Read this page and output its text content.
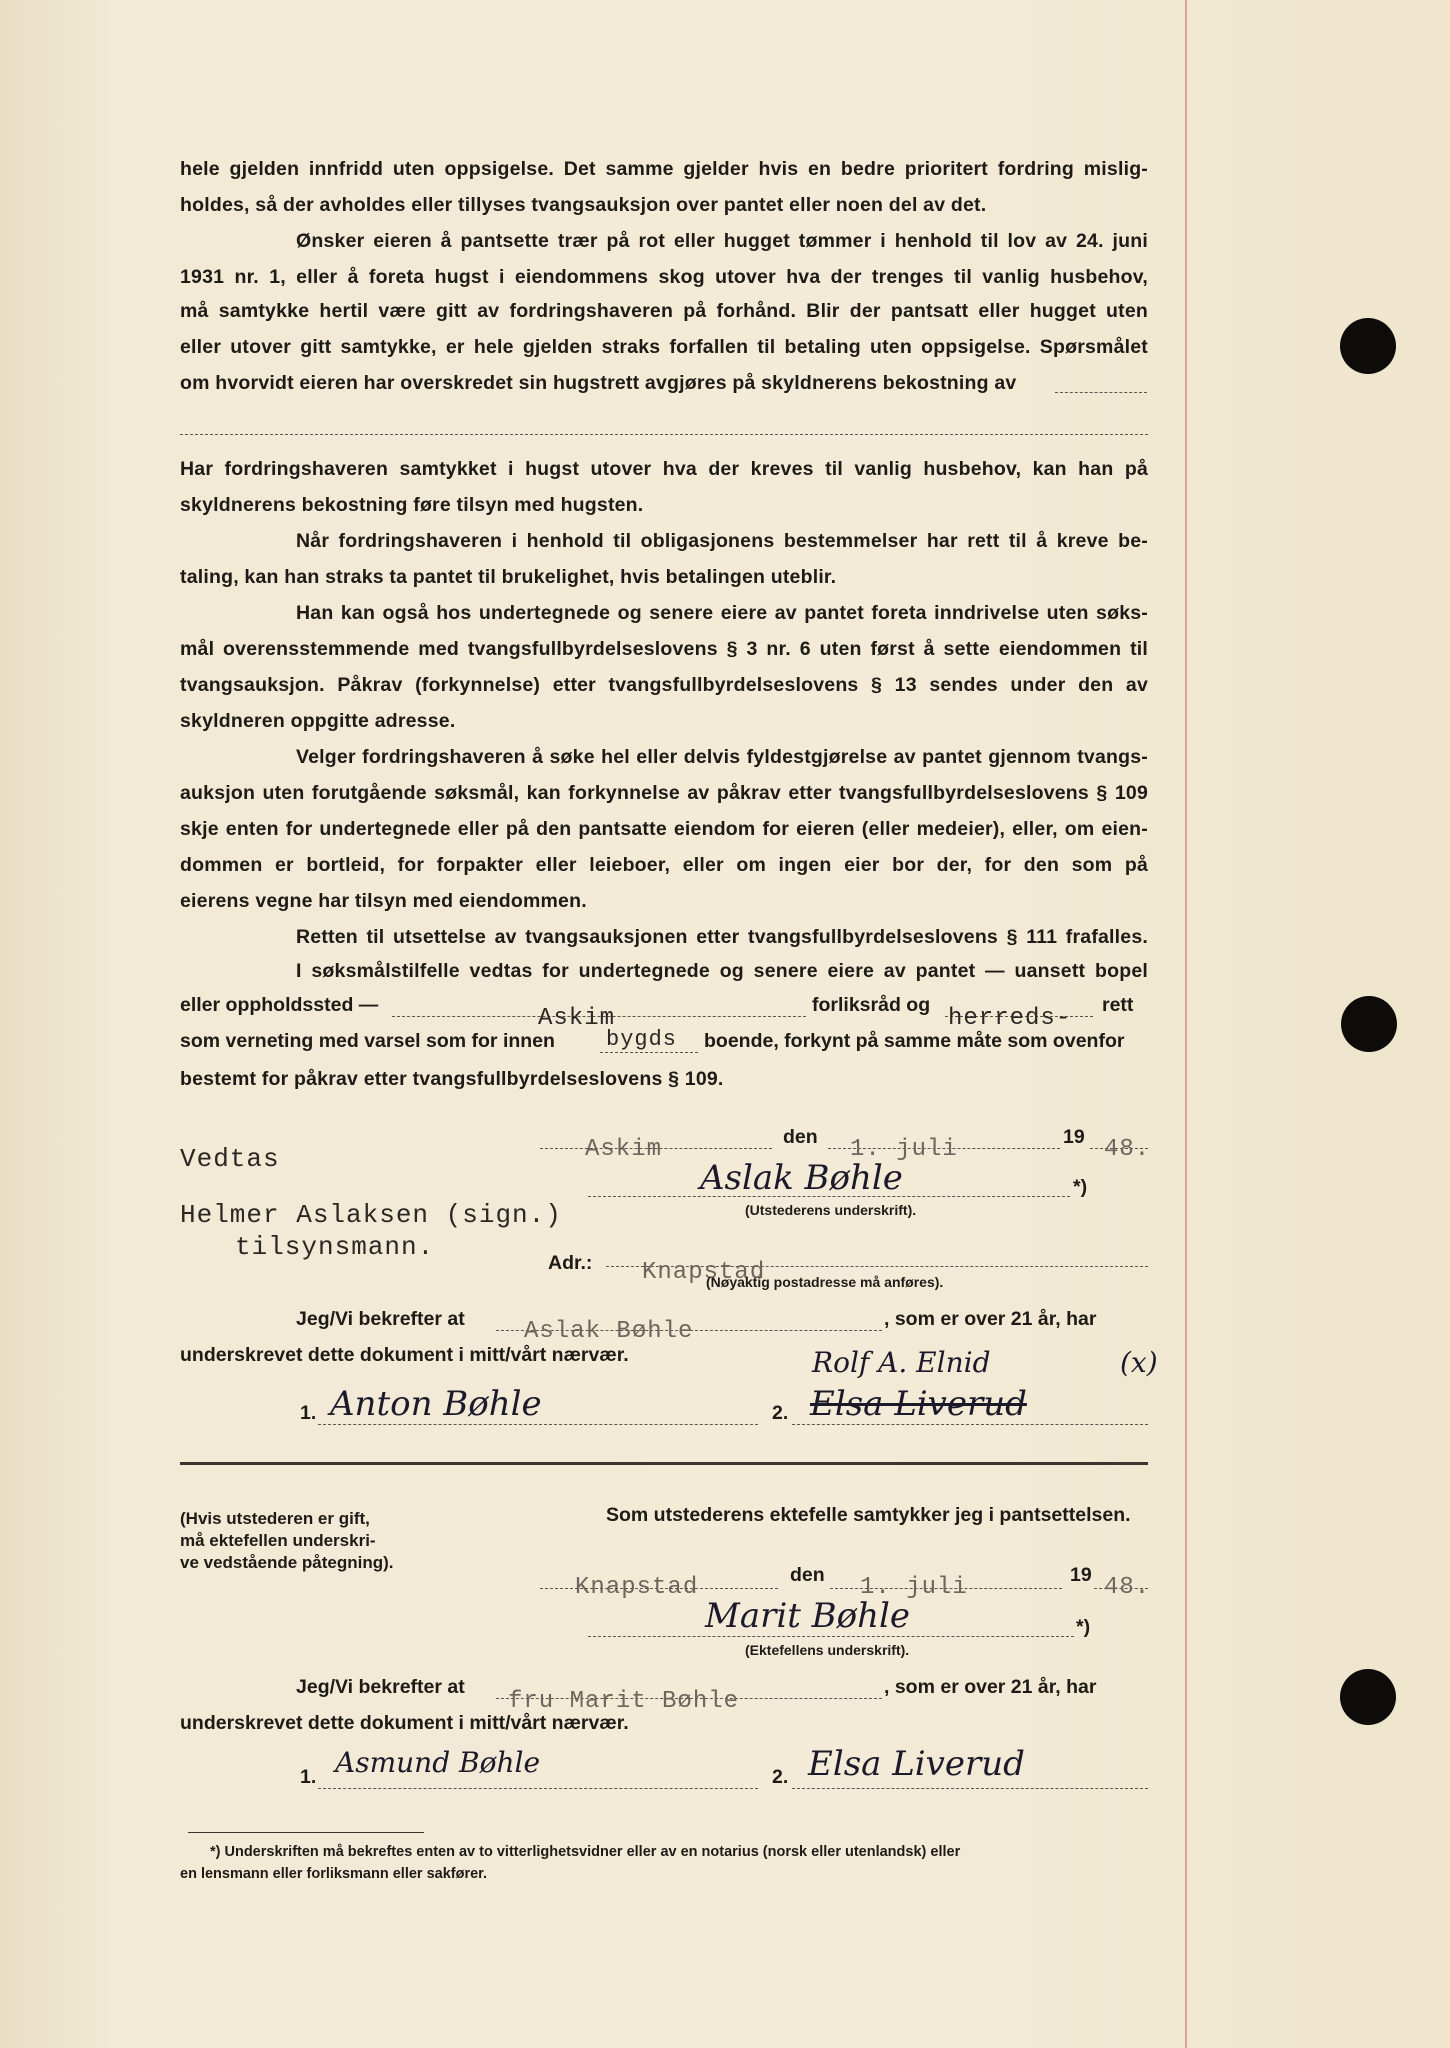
hele gjelden innfridd uten oppsigelse. Det samme gjelder hvis en bedre prioritert fordring mislig-
holdes, så der avholdes eller tillyses tvangsauksjon over pantet eller noen del av det.
Ønsker eieren å pantsette trær på rot eller hugget tømmer i henhold til lov av 24. juni
1931 nr. 1, eller å foreta hugst i eiendommens skog utover hva der trenges til vanlig husbehov,
må samtykke hertil være gitt av fordringshaveren på forhånd. Blir der pantsatt eller hugget uten
eller utover gitt samtykke, er hele gjelden straks forfallen til betaling uten oppsigelse. Spørsmålet
om hvorvidt eieren har overskredet sin hugstrett avgjøres på skyldnerens bekostning av
Har fordringshaveren samtykket i hugst utover hva der kreves til vanlig husbehov, kan han på
skyldnerens bekostning føre tilsyn med hugsten.
Når fordringshaveren i henhold til obligasjonens bestemmelser har rett til å kreve be-
taling, kan han straks ta pantet til brukelighet, hvis betalingen uteblir.
Han kan også hos undertegnede og senere eiere av pantet foreta inndrivelse uten søks-
mål overensstemmende med tvangsfullbyrdelseslovens § 3 nr. 6 uten først å sette eiendommen til
tvangsauksjon. Påkrav (forkynnelse) etter tvangsfullbyrdelseslovens § 13 sendes under den av
skyldneren oppgitte adresse.
Velger fordringshaveren å søke hel eller delvis fyldestgjørelse av pantet gjennom tvangs-
auksjon uten forutgående søksmål, kan forkynnelse av påkrav etter tvangsfullbyrdelseslovens § 109
skje enten for undertegnede eller på den pantsatte eiendom for eieren (eller medeier), eller, om eien-
dommen er bortleid, for forpakter eller leieboer, eller om ingen eier bor der, for den som på
eierens vegne har tilsyn med eiendommen.
Retten til utsettelse av tvangsauksjonen etter tvangsfullbyrdelseslovens § 111 frafalles.
I søksmålstilfelle vedtas for undertegnede og senere eiere av pantet — uansett bopel
eller oppholdssted —	forliksråd og	rett
Askim	herreds-
som verneting med varsel som for innen bygds boende, forkynt på samme måte som ovenfor
bestemt for påkrav etter tvangsfullbyrdelseslovens § 109.
Vedtas
Helmer Aslaksen (sign.)
tilsynsmann.
Askim	den 1. juli	19 48.
Aslak Bøhle	*)
(Utstederens underskrift).
Adr.: Knapstad
(Nøyaktig postadresse må anføres).
Jeg/Vi bekrefter at Aslak Bøhle	, som er over 21 år, har
underskrevet dette dokument i mitt/vårt nærvær.
1. Anton Bøhle	2.
Rolf A. Elnid	(x)
Elsa Liverud
(Hvis utstederen er gift,
må ektefellen underskri-
ve vedstående påtegning).
Som utstederens ektefelle samtykker jeg i pantsettelsen.
Knapstad	den 1. juli	19 48.
Marit Bøhle	*)
(Ektefellens underskrift).
Jeg/Vi bekrefter at
fru Marit Bøhle
, som er over 21 år, har
underskrevet dette dokument i mitt/vårt nærvær.
1. Asmund Bøhle	2. Elsa Liverud
*) Underskriften må bekreftes enten av to vitterlighetsvidner eller av en notarius (norsk eller utenlandsk) eller
en lensmann eller forliksmann eller sakfører.
